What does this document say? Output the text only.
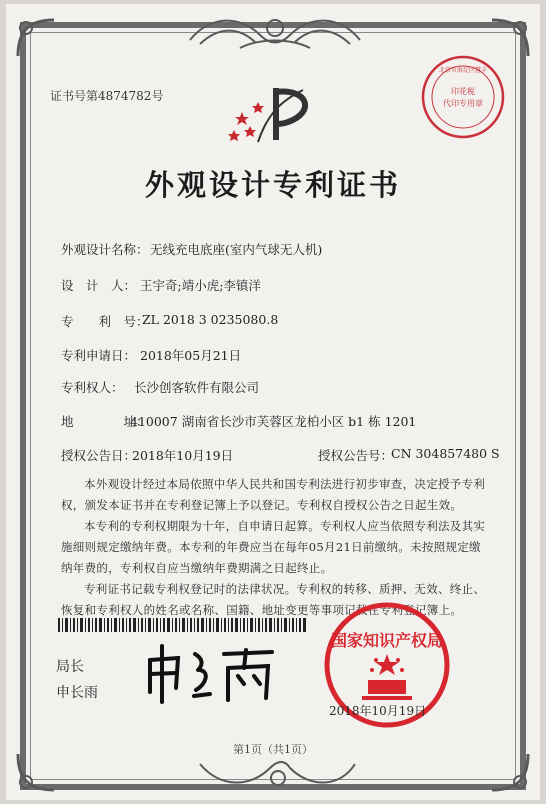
证书号第4874782号	印花税
代印专用章
北京市海淀区慧丰
外观设计专利证书
外观设计名称： 无线充电底座(室内气球无人机)
设　计　人： 王宇奇;靖小虎;李镇洋
专　　利　号：
ZL 2018 3 0235080.8
专利申请日： 2018年05月21日
专利权人： 长沙创客软件有限公司
地　　　　址：
410007 湖南省长沙市芙蓉区龙柏小区 b1 栋 1201
授权公告日：
2018年10月19日	授权公告号：
CN 304857480 S

本外观设计经过本局依照中华人民共和国专利法进行初步审查，决定授予专利权，颁发本证书并在专利登记簿上予以登记。专利权自授权公告之日起生效。

本专利的专利权期限为十年，自申请日起算。专利权人应当依照专利法及其实施细则规定缴纳年费。本专利的年费应当在每年05月21日前缴纳。未按照规定缴纳年费的，专利权自应当缴纳年费期满之日起终止。

专利证书记载专利权登记时的法律状况。专利权的转移、质押、无效、终止、恢复和专利权人的姓名或名称、国籍、地址变更等事项记载在专利登记簿上。

局长
申长雨
国家知识产权局
2018年10月19日
第1页（共1页）
